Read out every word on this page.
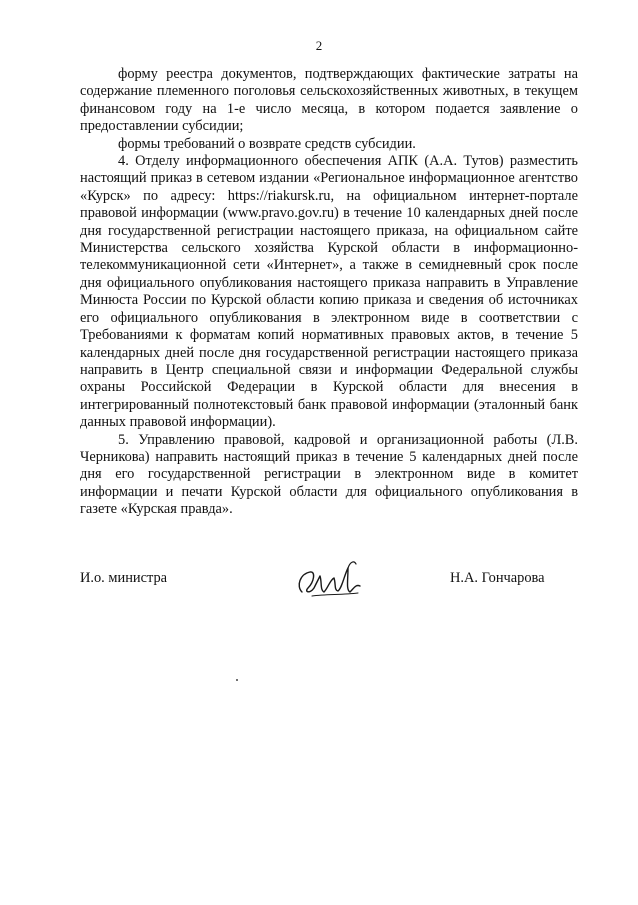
2

форму реестра документов, подтверждающих фактические затраты на содержание племенного поголовья сельскохозяйственных животных, в текущем финансовом году на 1-е число месяца, в котором подается заявление о предоставлении субсидии;

формы требований о возврате средств субсидии.

4. Отделу информационного обеспечения АПК (А.А. Тутов) разместить настоящий приказ в сетевом издании «Региональное информационное агентство «Курск» по адресу: https://riakursk.ru, на официальном интернет-портале правовой информации (www.pravo.gov.ru) в течение 10 календарных дней после дня государственной регистрации настоящего приказа, на официальном сайте Министерства сельского хозяйства Курской области в информационно-телекоммуникационной сети «Интернет», а также в семидневный срок после дня официального опубликования настоящего приказа направить в Управление Минюста России по Курской области копию приказа и сведения об источниках его официального опубликования в электронном виде в соответствии с Требованиями к форматам копий нормативных правовых актов, в течение 5 календарных дней после дня государственной регистрации настоящего приказа направить в Центр специальной связи и информации Федеральной службы охраны Российской Федерации в Курской области для внесения в интегрированный полнотекстовый банк правовой информации (эталонный банк данных правовой информации).

5. Управлению правовой, кадровой и организационной работы (Л.В. Черникова) направить настоящий приказ в течение 5 календарных дней после дня его государственной регистрации в электронном виде в комитет информации и печати Курской области для официального опубликования в газете «Курская правда».

И.о. министра	Н.А. Гончарова
